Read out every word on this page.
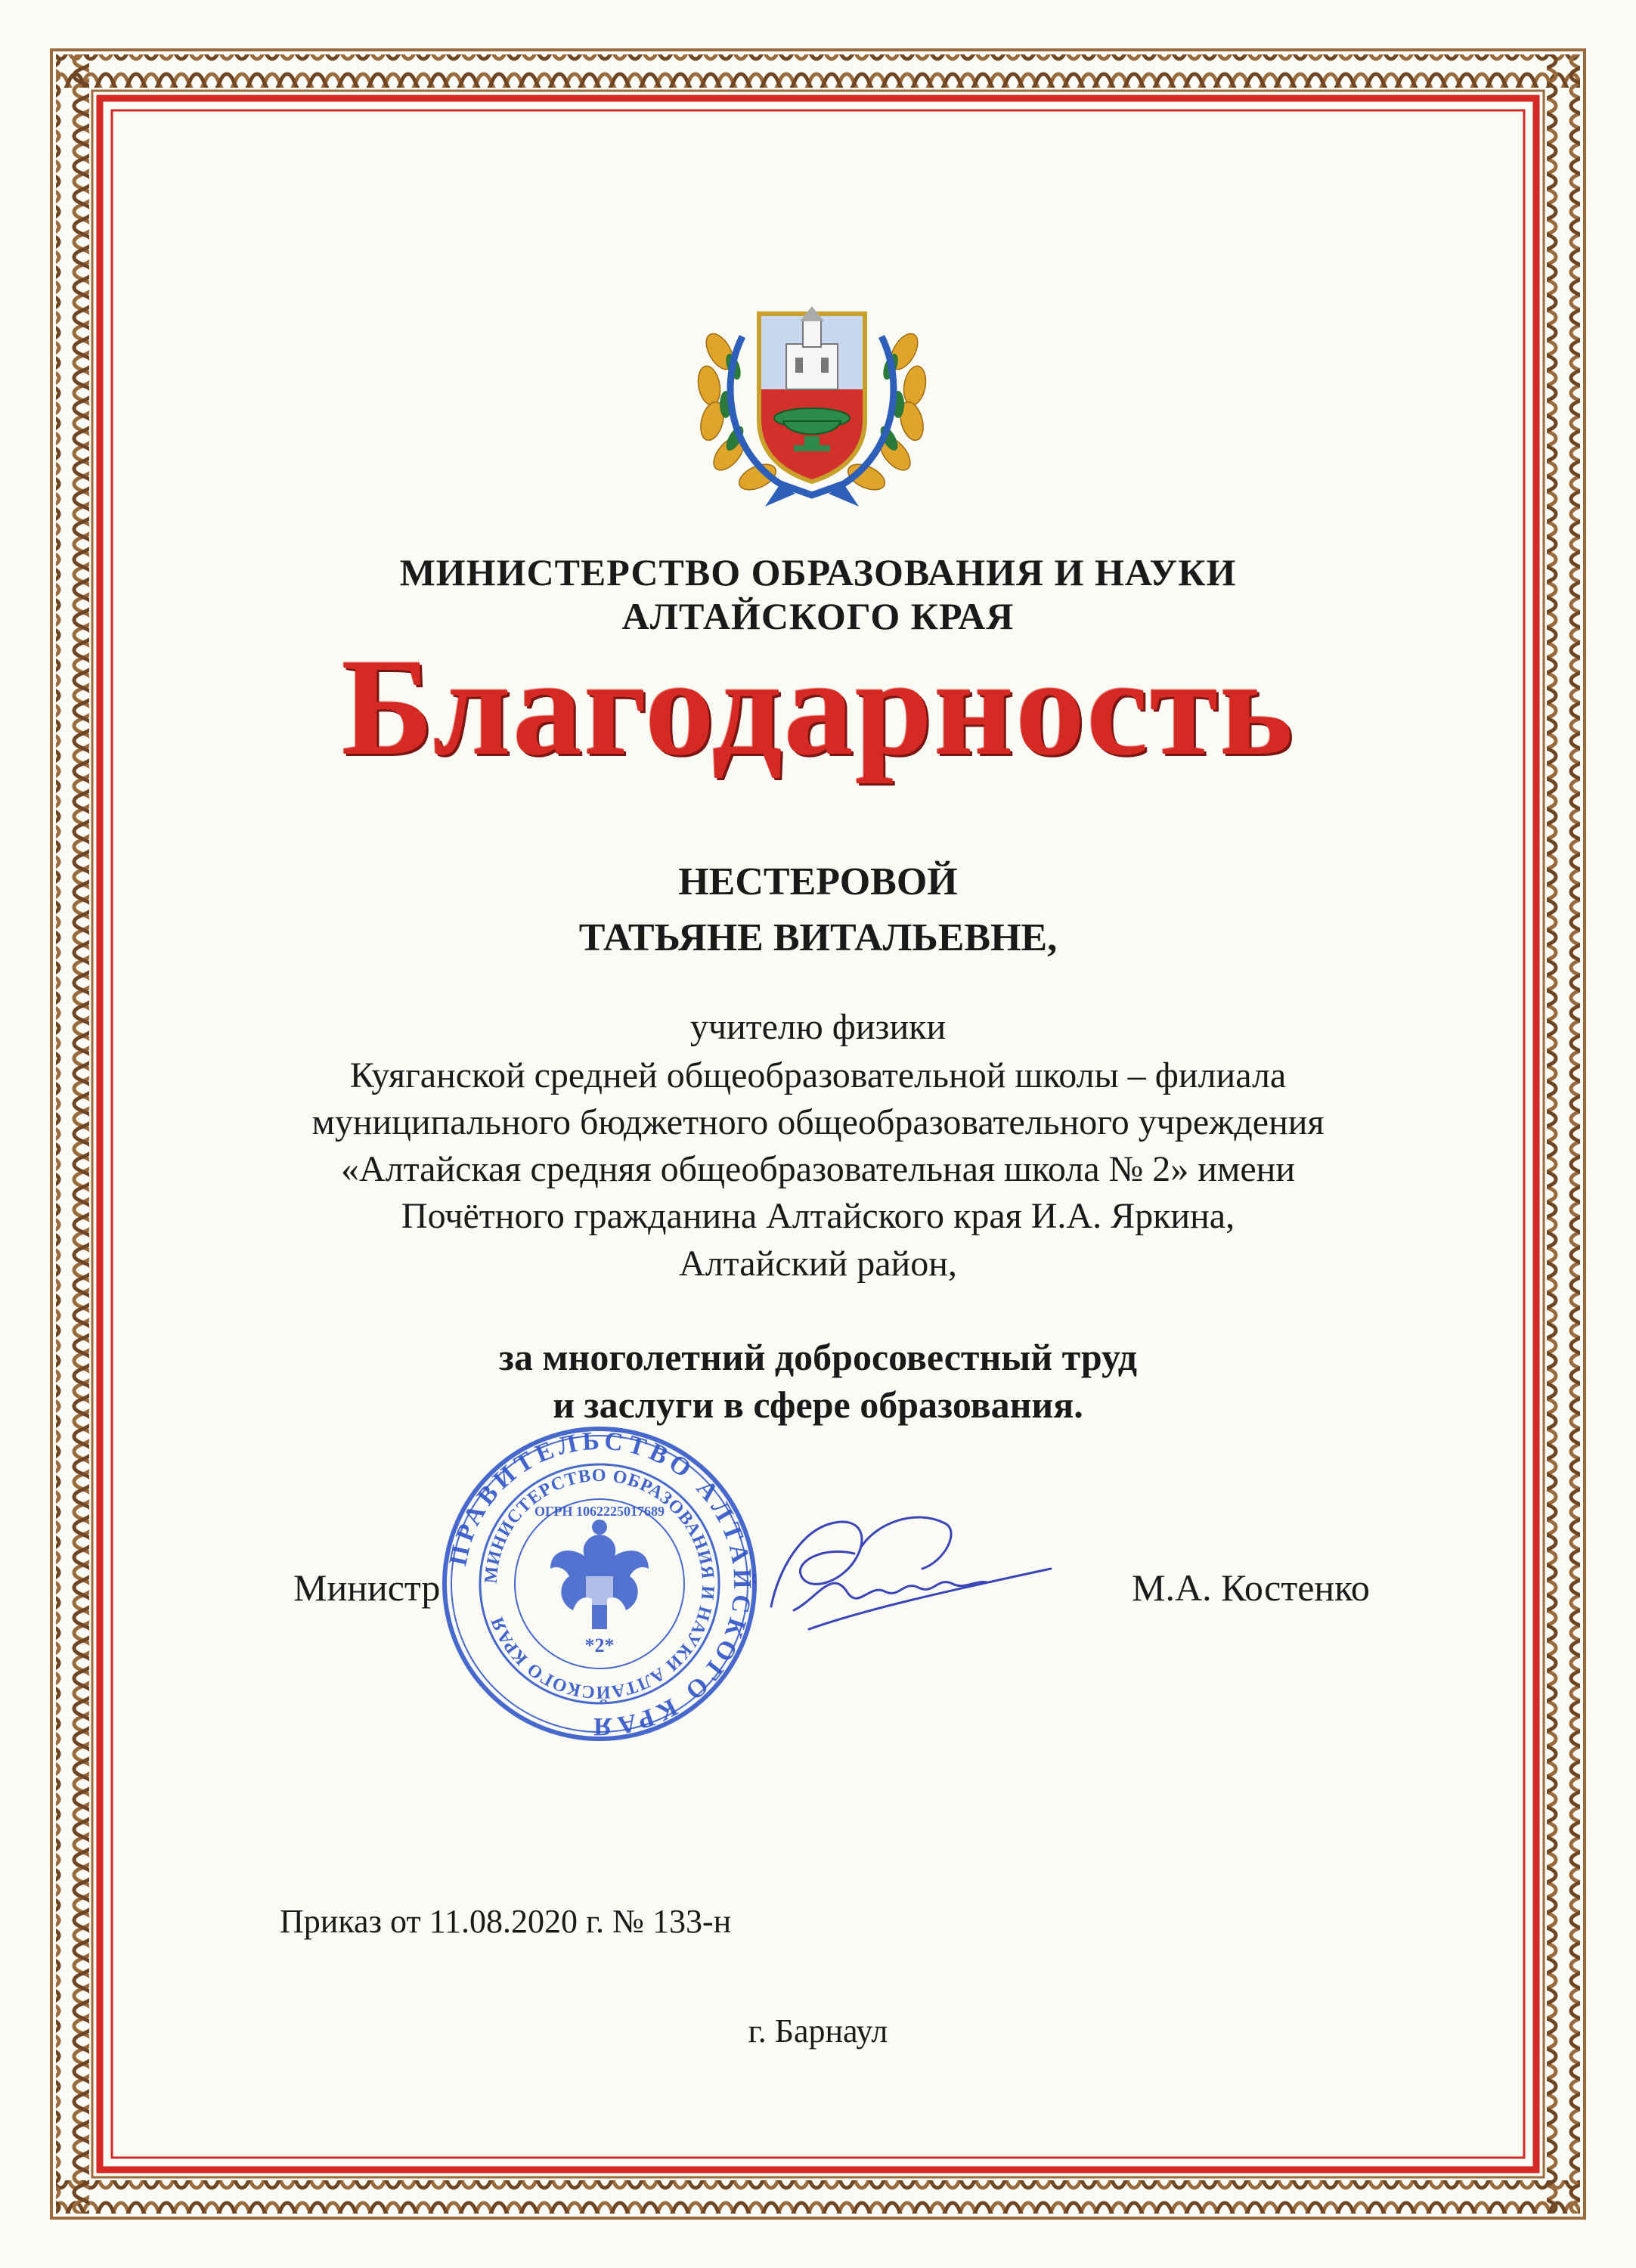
МИНИСТЕРСТВО ОБРАЗОВАНИЯ И НАУКИ
АЛТАЙСКОГО КРАЯ
Благодарность
НЕСТЕРОВОЙ
ТАТЬЯНЕ ВИТАЛЬЕВНЕ,
учителю физики
Куяганской средней общеобразовательной школы – филиала
муниципального бюджетного общеобразовательного учреждения
«Алтайская средняя общеобразовательная школа № 2» имени
Почётного гражданина Алтайского края И.А. Яркина,
Алтайский район,
за многолетний добросовестный труд
и заслуги в сфере образования.
Министр	М.А. Костенко
ПРАВИТЕЛЬСТВО АЛТАЙСКОГО КРАЯ
МИНИСТЕРСТВО ОБРАЗОВАНИЯ И НАУКИ АЛТАЙСКОГО КРАЯ
*2*
ОГРН 1062225017689
Приказ от 11.08.2020 г. № 133-н
г. Барнаул
